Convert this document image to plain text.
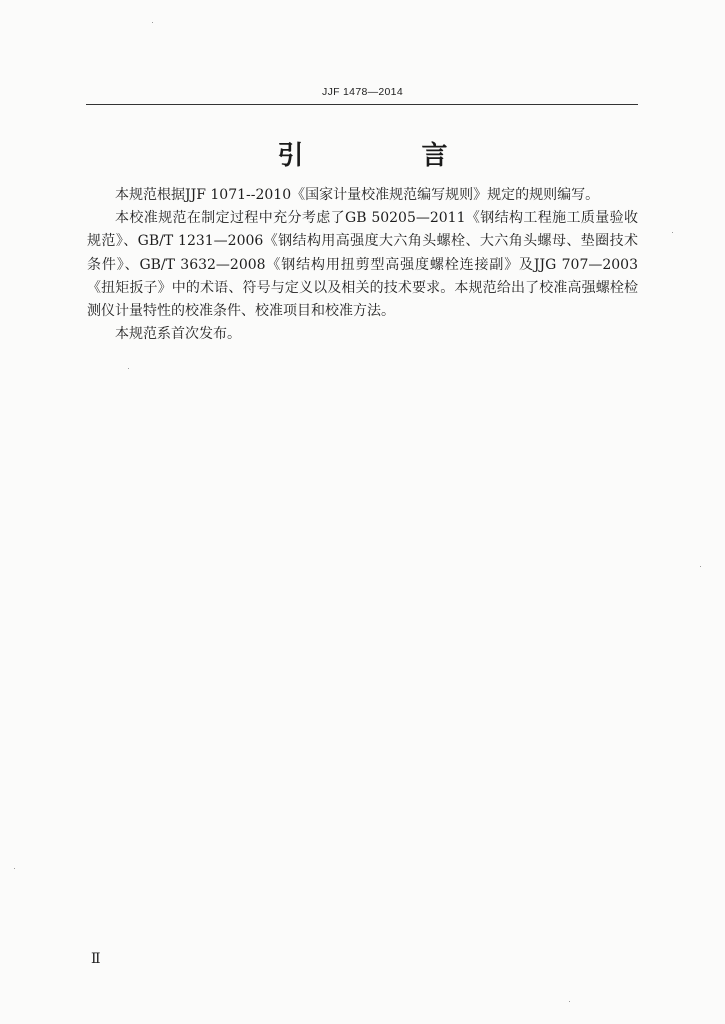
JJF 1478—2014
引　言

本规范根据JJF 1071--2010《国家计量校准规范编写规则》规定的规则编写。

本校准规范在制定过程中充分考虑了GB 50205—2011《钢结构工程施工质量验收规范》、GB/T 1231—2006《钢结构用高强度大六角头螺栓、大六角头螺母、垫圈技术条件》、GB/T 3632—2008《钢结构用扭剪型高强度螺栓连接副》及JJG 707—2003《扭矩扳子》中的术语、符号与定义以及相关的技术要求。本规范给出了校准高强螺栓检测仪计量特性的校准条件、校准项目和校准方法。

本规范系首次发布。

Ⅱ
